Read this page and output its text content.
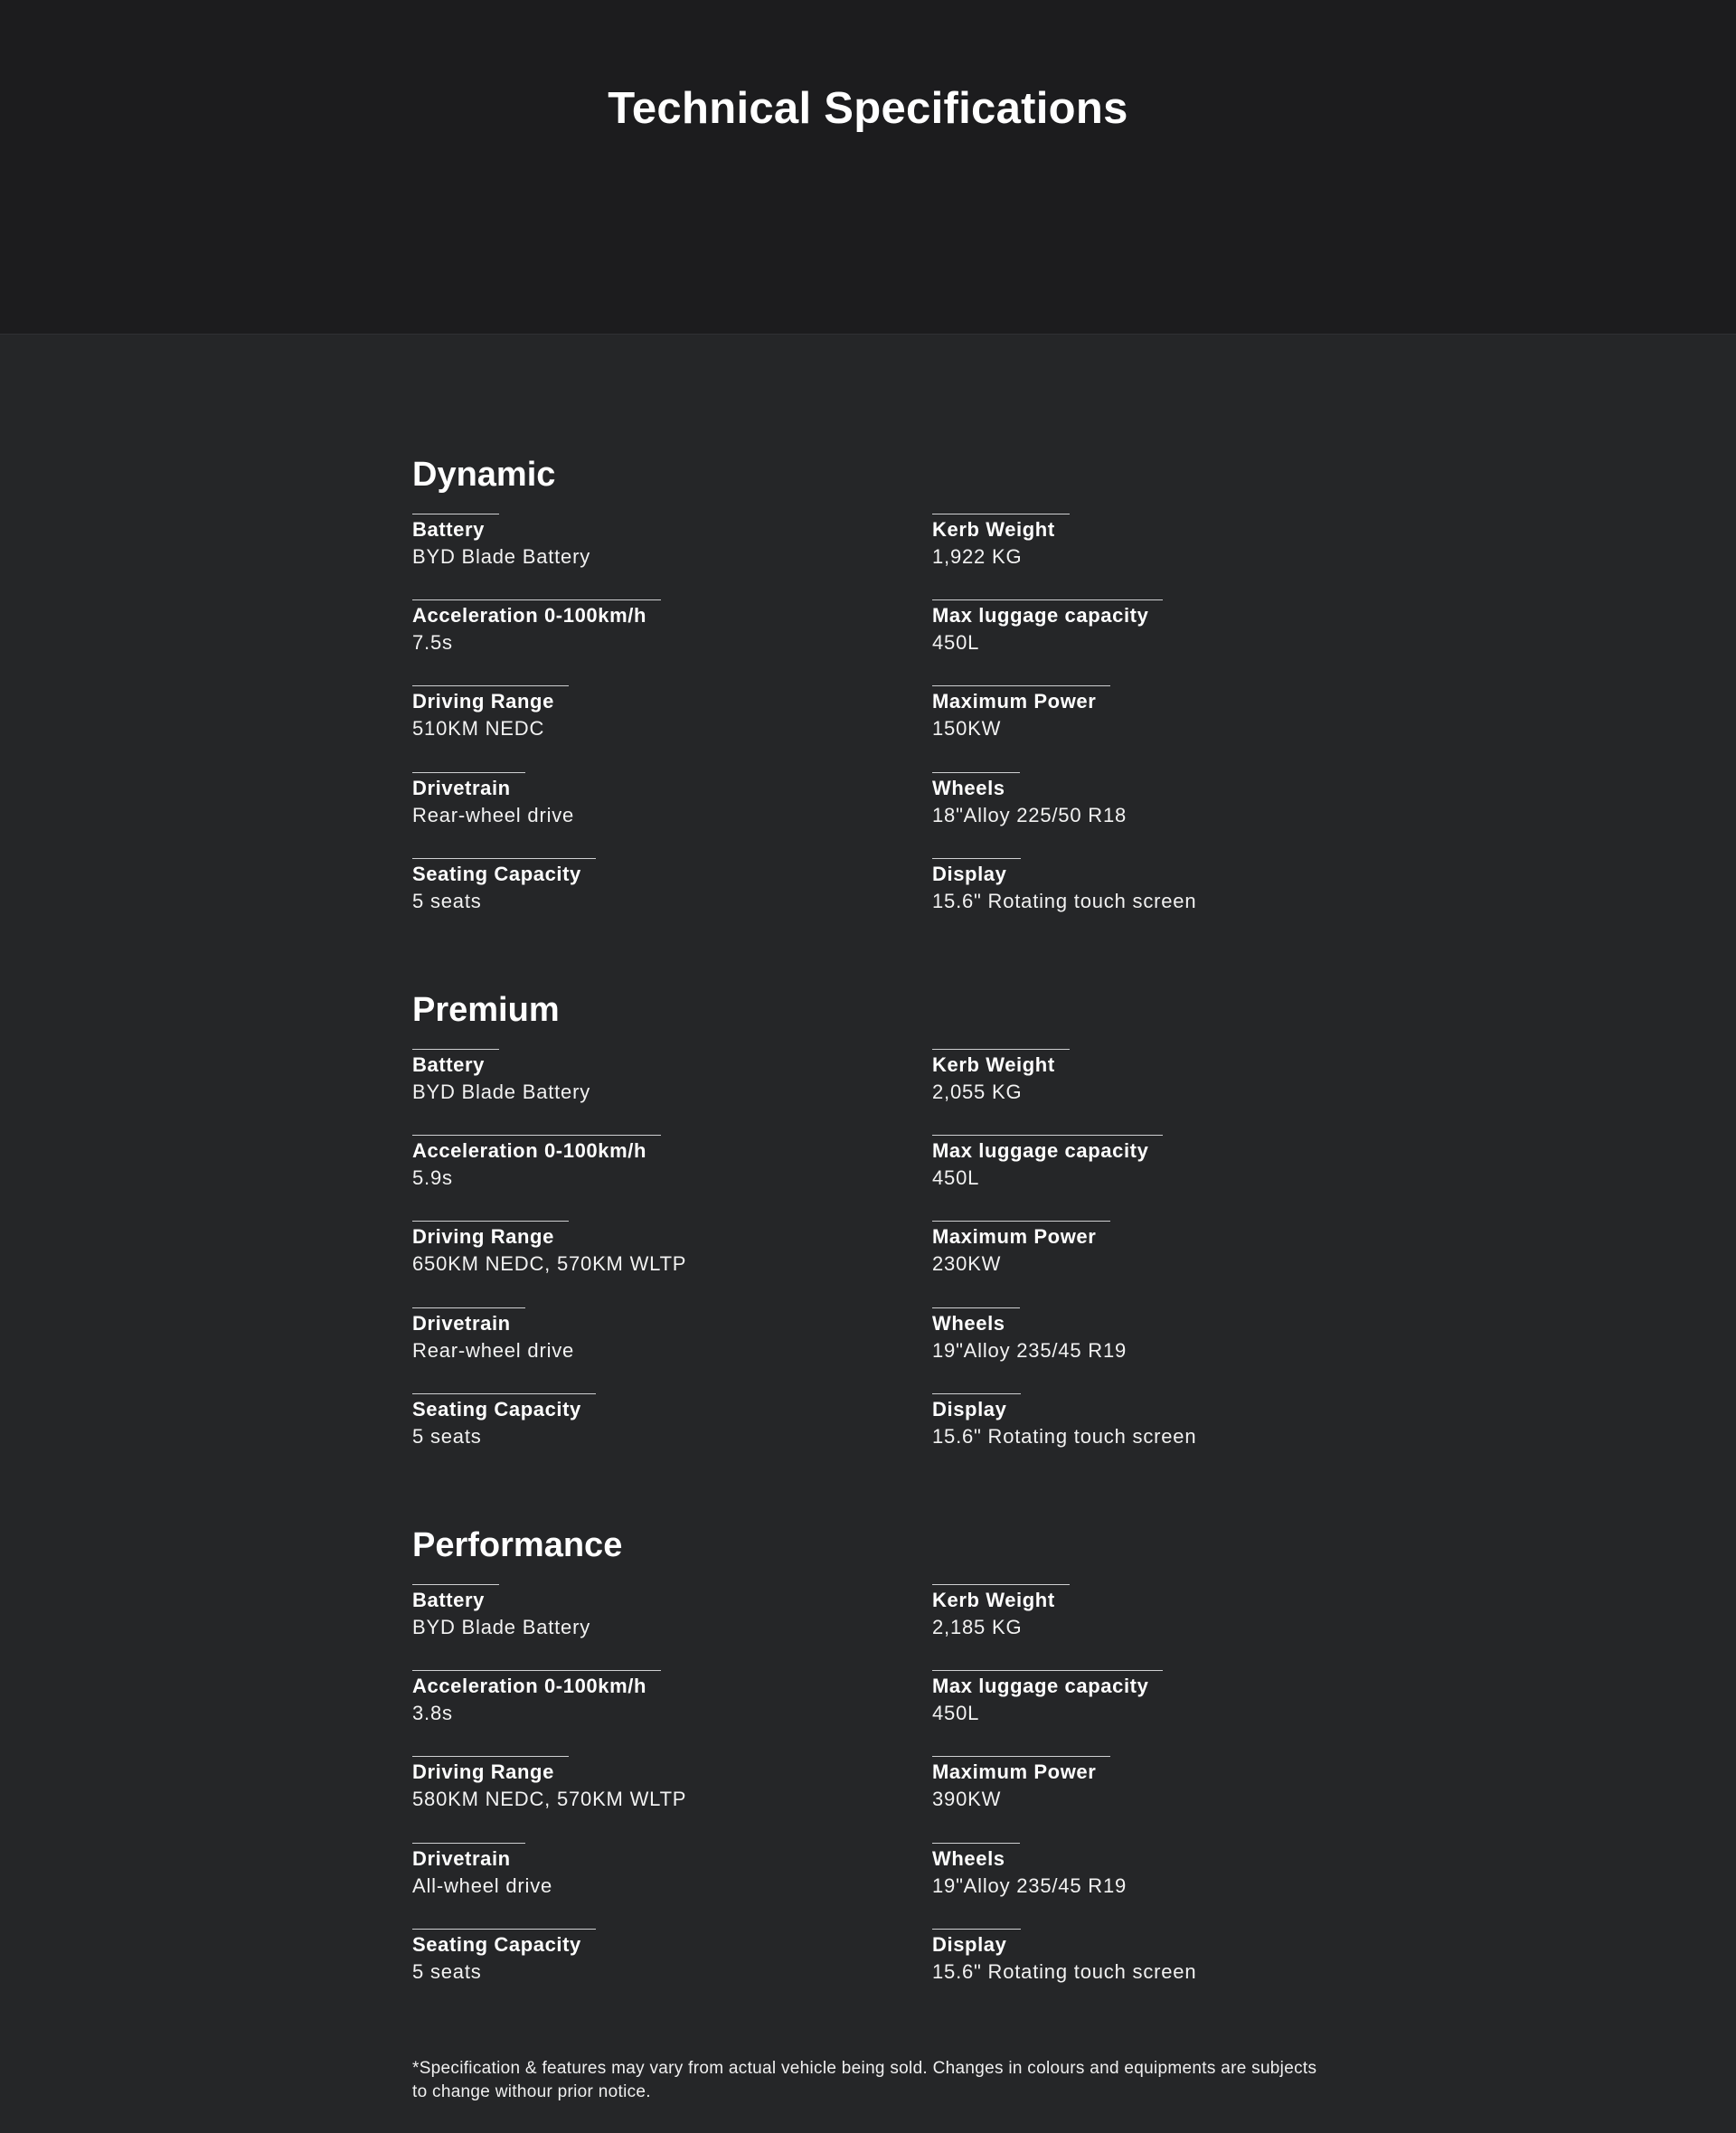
Technical Specifications
Dynamic
Battery
BYD Blade Battery
Kerb Weight
1,922 KG
Acceleration 0-100km/h
7.5s
Max luggage capacity
450L
Driving Range
510KM NEDC
Maximum Power
150KW
Drivetrain
Rear-wheel drive
Wheels
18"Alloy 225/50 R18
Seating Capacity
5 seats
Display
15.6" Rotating touch screen
Premium
Battery
BYD Blade Battery
Kerb Weight
2,055 KG
Acceleration 0-100km/h
5.9s
Max luggage capacity
450L
Driving Range
650KM NEDC, 570KM WLTP
Maximum Power
230KW
Drivetrain
Rear-wheel drive
Wheels
19"Alloy 235/45 R19
Seating Capacity
5 seats
Display
15.6" Rotating touch screen
Performance
Battery
BYD Blade Battery
Kerb Weight
2,185 KG
Acceleration 0-100km/h
3.8s
Max luggage capacity
450L
Driving Range
580KM NEDC, 570KM WLTP
Maximum Power
390KW
Drivetrain
All-wheel drive
Wheels
19"Alloy 235/45 R19
Seating Capacity
5 seats
Display
15.6" Rotating touch screen

*Specification & features may vary from actual vehicle being sold. Changes in colours and equipments are subjects to change withour prior notice.
